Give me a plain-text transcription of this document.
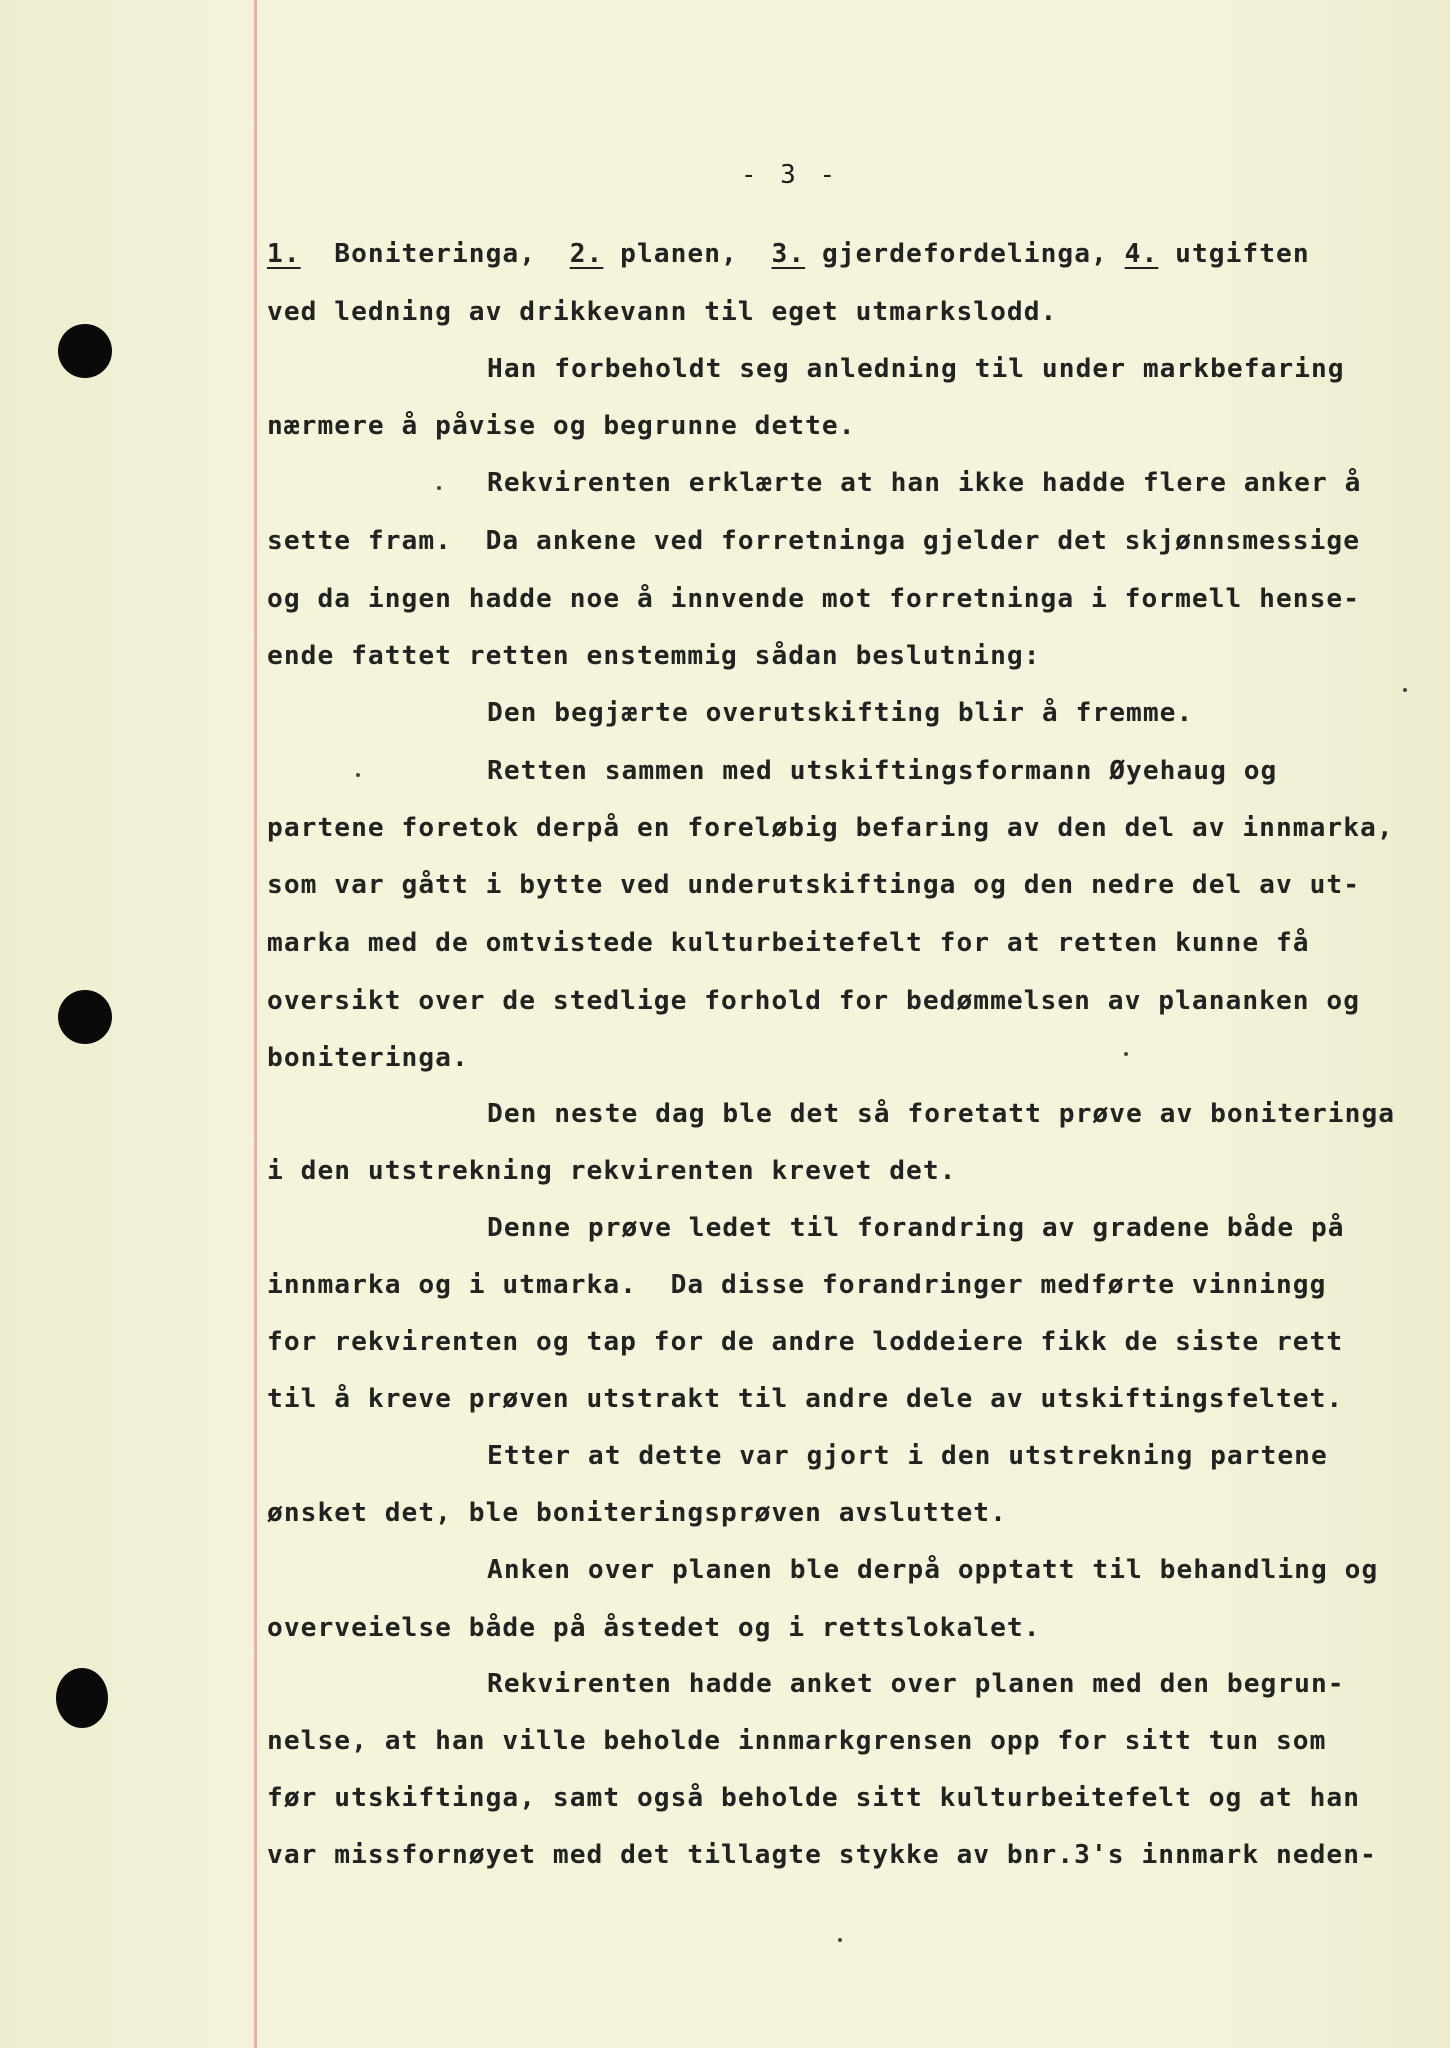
- 3 -
1.  Boniteringa,  2. planen,  3. gjerdefordelinga, 4. utgiften
ved ledning av drikkevann til eget utmarkslodd.
Han forbeholdt seg anledning til under markbefaring
nærmere å påvise og begrunne dette.
Rekvirenten erklærte at han ikke hadde flere anker å
sette fram.  Da ankene ved forretninga gjelder det skjønnsmessige
og da ingen hadde noe å innvende mot forretninga i formell hense-
ende fattet retten enstemmig sådan beslutning:
Den begjærte overutskifting blir å fremme.
Retten sammen med utskiftingsformann Øyehaug og
partene foretok derpå en foreløbig befaring av den del av innmarka,
som var gått i bytte ved underutskiftinga og den nedre del av ut-
marka med de omtvistede kulturbeitefelt for at retten kunne få
oversikt over de stedlige forhold for bedømmelsen av plananken og
boniteringa.
Den neste dag ble det så foretatt prøve av boniteringa
i den utstrekning rekvirenten krevet det.
Denne prøve ledet til forandring av gradene både på
innmarka og i utmarka.  Da disse forandringer medførte vinningg
for rekvirenten og tap for de andre loddeiere fikk de siste rett
til å kreve prøven utstrakt til andre dele av utskiftingsfeltet.
Etter at dette var gjort i den utstrekning partene
ønsket det, ble boniteringsprøven avsluttet.
Anken over planen ble derpå opptatt til behandling og
overveielse både på åstedet og i rettslokalet.
Rekvirenten hadde anket over planen med den begrun-
nelse, at han ville beholde innmarkgrensen opp for sitt tun som
før utskiftinga, samt også beholde sitt kulturbeitefelt og at han
var missfornøyet med det tillagte stykke av bnr.3's innmark neden-
